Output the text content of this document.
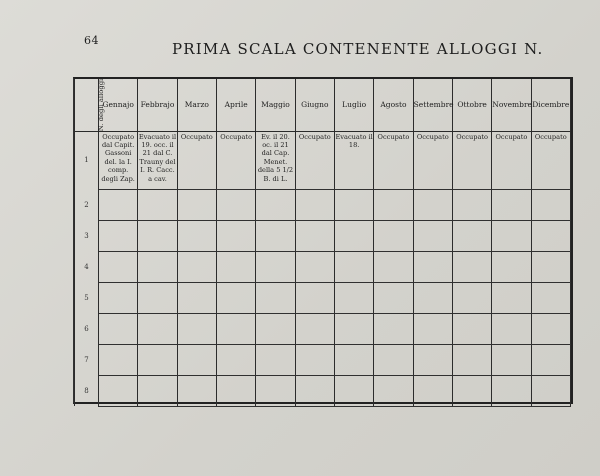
64	PRIMA SCALA CONTENENTE ALLOGGI N.
N. degli alloggi	Gennajo	Febbrajo	Marzo	Aprile	Maggio	Giugno	Luglio	Agosto	Settembre	Ottobre	Novembre	Dicembre
1	Occupato dal Capit. Gassoni del. la I. comp. degli Zap.	Evacuato il 19. occ. il 21 dal C. Trauny del I. R. Cacc. a cav.	Occupato	Occupato	Ev. il 20. oc. il 21 dal Cap. Menet. della 5 1/2 B. di L.	Occupato	Evacuato il 18.	Occupato	Occupato	Occupato	Occupato	Occupato
2												
3												
4												
5												
6												
7												
8												
